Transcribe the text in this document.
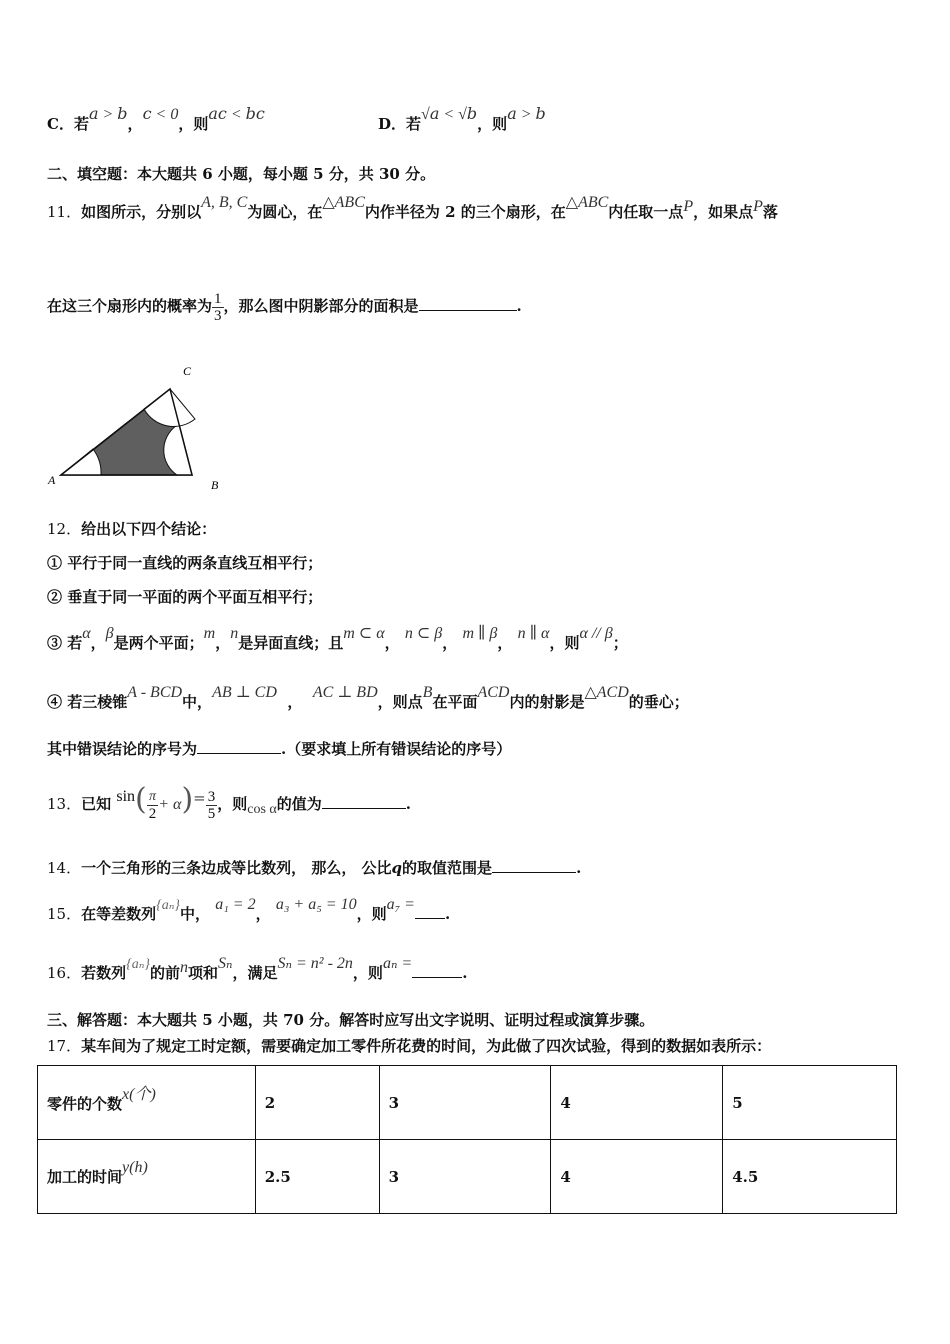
C．若𝑎 > 𝑏，𝑐 < 0，则𝑎𝑐 < 𝑏𝑐
D．若√𝑎 < √𝑏，则𝑎 > 𝑏
二、填空题：本大题共 6 小题，每小题 5 分，共 30 分。
11．如图所示，分别以A, B, C为圆心，在△ABC内作半径为 2 的三个扇形，在△ABC内任取一点P，如果点P落
在这三个扇形内的概率为 $\frac{1}{3}$ ，那么图中阴影部分的面积是	.
A	B
C
12．给出以下四个结论：
① 平行于同一直线的两条直线互相平行；
② 垂直于同一平面的两个平面互相平行；
③ 若α，β是两个平面；m，n是异面直线；且m ⊂ α， n ⊂ β， m ∥ β， n ∥ α，则α // β；
④ 若三棱锥A - BCD中，AB ⊥ CD  ，  AC ⊥ BD，则点B在平面ACD内的射影是△ACD的垂心；
其中错误结论的序号为	.（要求填上所有错误结论的序号）
13．已知 $\sin( \frac{\pi}{2} + \alpha)= \frac{3}{5}$ ，则cos α的值为	.
14．一个三角形的三条边成等比数列， 那么， 公比q的取值范围是	.
15．在等差数列{aₙ}中， a₁ = 2， a₃ + a₅ = 10，则a₇ =.
16．若数列{aₙ}的前n项和Sₙ，满足Sₙ = n² - 2n，则aₙ =.
三、解答题：本大题共 5 小题，共 70 分。解答时应写出文字说明、证明过程或演算步骤。
17．某车间为了规定工时定额，需要确定加工零件所花费的时间，为此做了四次试验，得到的数据如表所示：
零件的个数x(个)	2	3	4	5
加工的时间y(h)	2.5	3	4	4.5
